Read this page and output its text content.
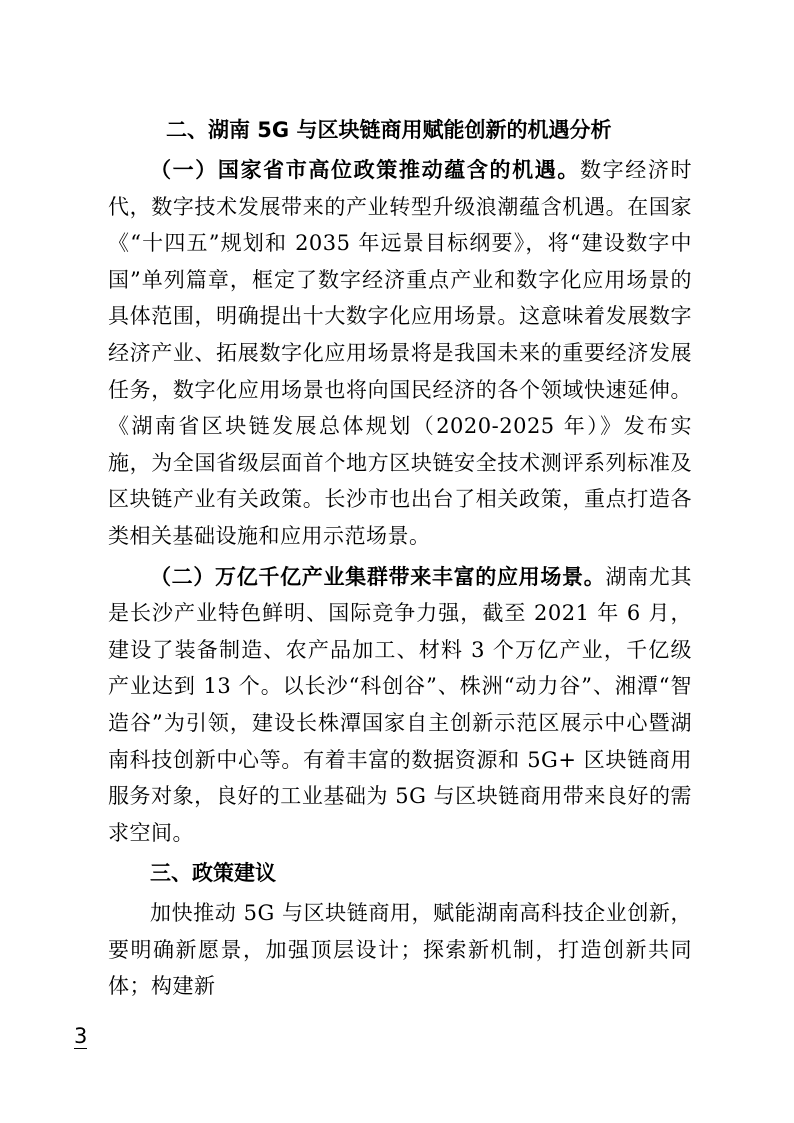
二、湖南 5G 与区块链商用赋能创新的机遇分析

（一）国家省市高位政策推动蕴含的机遇。数字经济时代，数字技术发展带来的产业转型升级浪潮蕴含机遇。在国家《“十四五”规划和 2035 年远景目标纲要》，将“建设数字中国”单列篇章，框定了数字经济重点产业和数字化应用场景的具体范围，明确提出十大数字化应用场景。这意味着发展数字经济产业、拓展数字化应用场景将是我国未来的重要经济发展任务，数字化应用场景也将向国民经济的各个领域快速延伸。《湖南省区块链发展总体规划（2020-2025 年）》发布实施，为全国省级层面首个地方区块链安全技术测评系列标准及区块链产业有关政策。长沙市也出台了相关政策，重点打造各类相关基础设施和应用示范场景。

（二）万亿千亿产业集群带来丰富的应用场景。湖南尤其是长沙产业特色鲜明、国际竞争力强，截至 2021 年 6 月，建设了装备制造、农产品加工、材料 3 个万亿产业，千亿级产业达到 13 个。以长沙“科创谷”、株洲“动力谷”、湘潭“智造谷”为引领，建设长株潭国家自主创新示范区展示中心暨湖南科技创新中心等。有着丰富的数据资源和 5G+ 区块链商用服务对象，良好的工业基础为 5G 与区块链商用带来良好的需求空间。

三、政策建议

加快推动 5G 与区块链商用，赋能湖南高科技企业创新，要明确新愿景，加强顶层设计；探索新机制，打造创新共同体；构建新

3
